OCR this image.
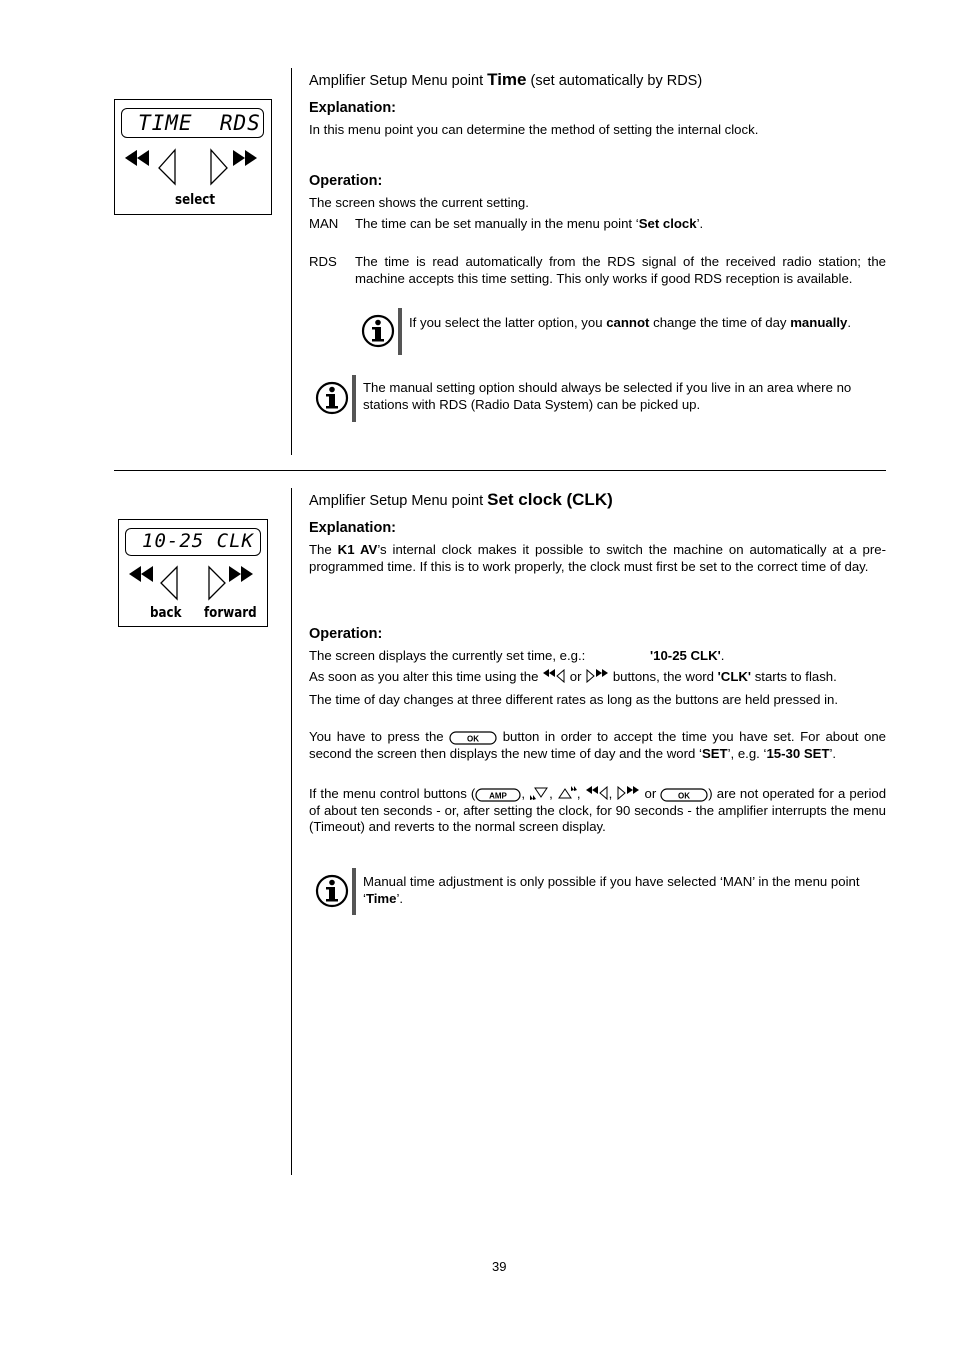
Amplifier Setup Menu point Time (set automatically by RDS)
TIME  RDS
select
Explanation:
In this menu point you can determine the method of setting the internal clock.
Operation:
The screen shows the current setting.
MAN The time can be set manually in the menu point ‘Set clock’.
RDS The time is read automatically from the RDS signal of the received radio station; the machine accepts this time setting. This only works if good RDS reception is available.
If you select the latter option, you cannot change the time of day manually.
The manual setting option should always be selected if you live in an area where no stations with RDS (Radio Data System) can be picked up.
Amplifier Setup Menu point Set clock (CLK)
10-25 CLK
back forward
Explanation:
The K1 AV’s internal clock makes it possible to switch the machine on automatically at a pre-programmed time. If this is to work properly, the clock must first be set to the correct time of day.
Operation:
The screen displays the currently set time, e.g.:	'10-25 CLK'.
As soon as you alter this time using the  or  buttons, the word 'CLK' starts to flash.
The time of day changes at three different rates as long as the buttons are held pressed in.
You have to press the OK button in order to accept the time you have set. For about one second the screen then displays the new time of day and the word ‘SET’, e.g. ‘15-30 SET’.
If the menu control buttons ( AMP , , , ,  or OK ) are not operated for a period of about ten seconds - or, after setting the clock, for 90 seconds - the amplifier interrupts the menu (Timeout) and reverts to the normal screen display.
Manual time adjustment is only possible if you have selected ‘MAN’ in the menu point ‘Time’.
39
